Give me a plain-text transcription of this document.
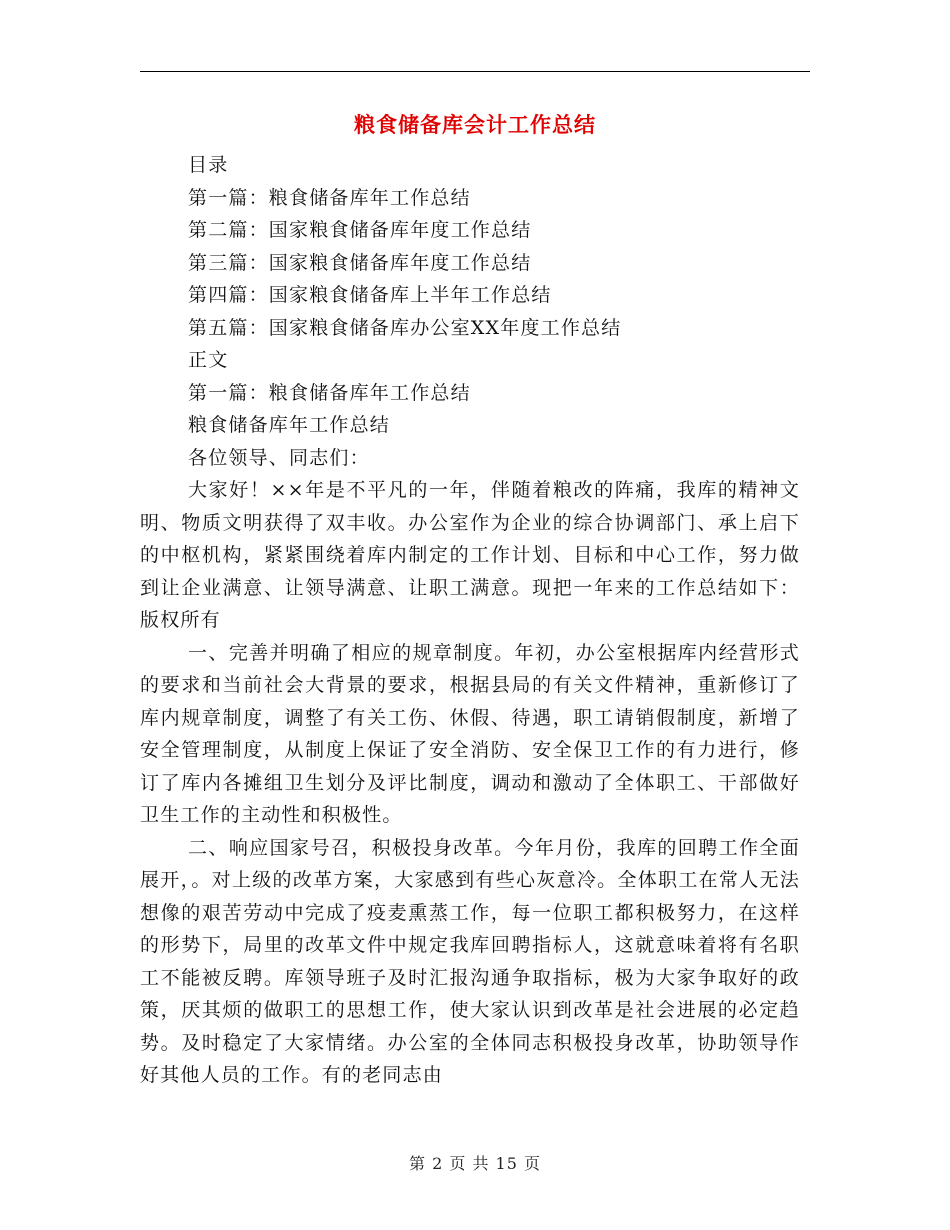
粮食储备库会计工作总结
目录
第一篇：粮食储备库年工作总结
第二篇：国家粮食储备库年度工作总结
第三篇：国家粮食储备库年度工作总结
第四篇：国家粮食储备库上半年工作总结
第五篇：国家粮食储备库办公室XX年度工作总结
正文
第一篇：粮食储备库年工作总结
粮食储备库年工作总结
各位领导、同志们：

大家好！××年是不平凡的一年，伴随着粮改的阵痛，我库的精神文明、物质文明获得了双丰收。办公室作为企业的综合协调部门、承上启下的中枢机构，紧紧围绕着库内制定的工作计划、目标和中心工作，努力做到让企业满意、让领导满意、让职工满意。现把一年来的工作总结如下：版权所有

一、完善并明确了相应的规章制度。年初，办公室根据库内经营形式的要求和当前社会大背景的要求，根据县局的有关文件精神，重新修订了库内规章制度，调整了有关工伤、休假、待遇，职工请销假制度，新增了安全管理制度，从制度上保证了安全消防、安全保卫工作的有力进行，修订了库内各摊组卫生划分及评比制度，调动和激动了全体职工、干部做好卫生工作的主动性和积极性。

二、响应国家号召，积极投身改革。今年月份，我库的回聘工作全面展开，。对上级的改革方案，大家感到有些心灰意冷。全体职工在常人无法想像的艰苦劳动中完成了疫麦熏蒸工作，每一位职工都积极努力，在这样的形势下，局里的改革文件中规定我库回聘指标人，这就意味着将有名职工不能被反聘。库领导班子及时汇报沟通争取指标，极为大家争取好的政策，厌其烦的做职工的思想工作，使大家认识到改革是社会进展的必定趋势。及时稳定了大家情绪。办公室的全体同志积极投身改革，协助领导作好其他人员的工作。有的老同志由

第 2 页 共 15 页
